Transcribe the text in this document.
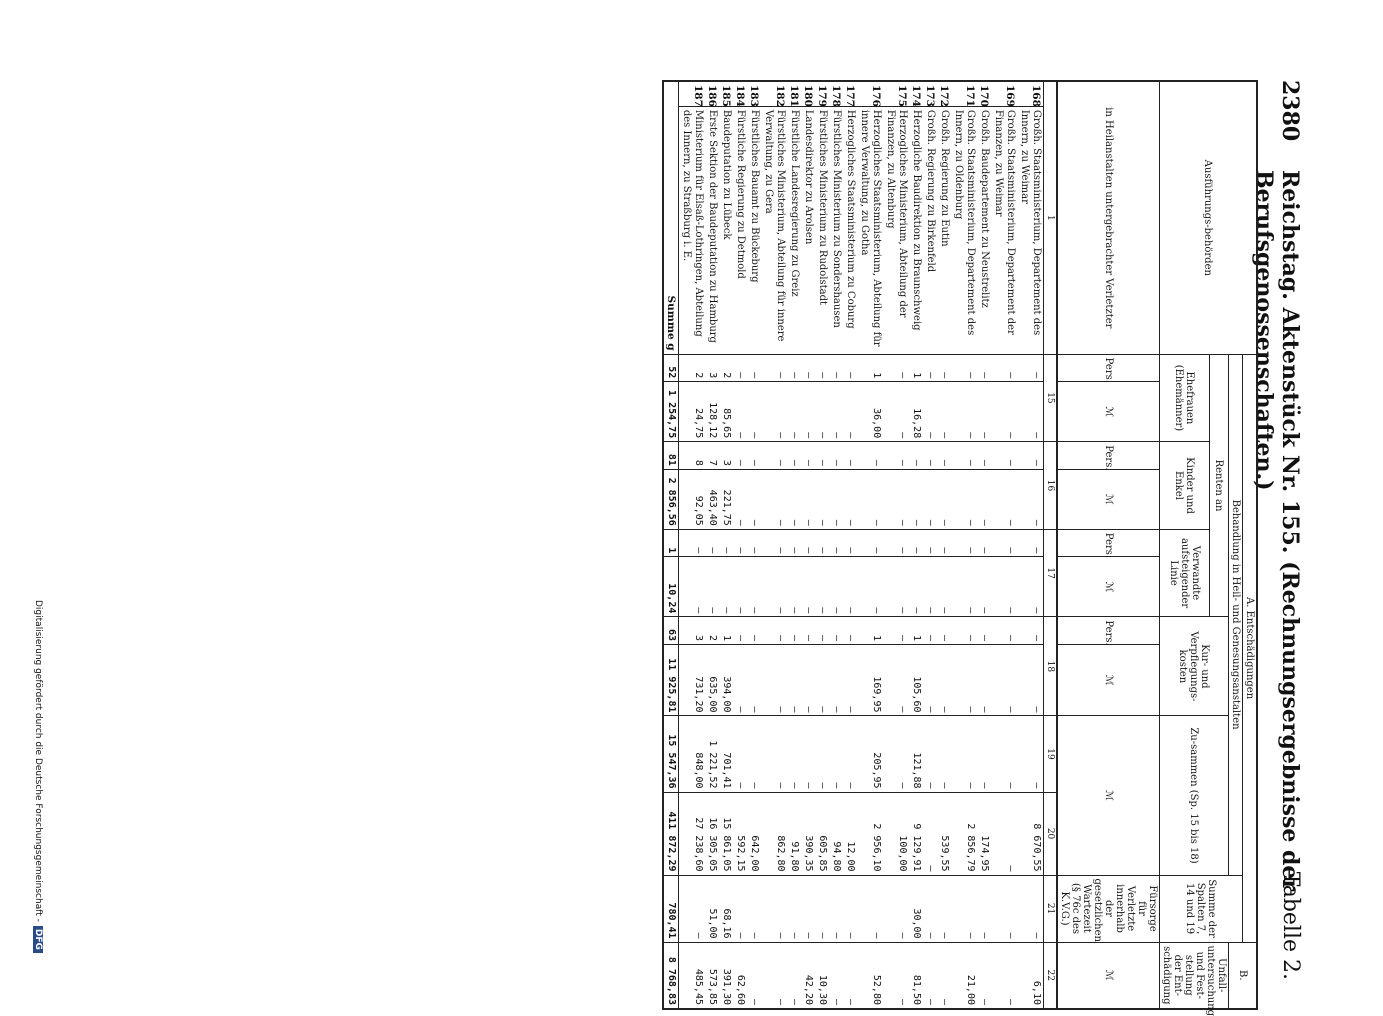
2380
Reichstag. Aktenstück Nr. 155. (Rechnungsergebnisse der Berufsgenossenschaften.)
Tabelle 2.
Ausführungs-behörden		A. Entschädigungen											B.
		Behandlung in Heil- und Genesungsanstalten										Summe der Spalten 7, 14 und 19	
		Renten an						Kur- und Verpflegungs-kosten		Zu-sammen (Sp. 15 bis 18)			Unfall-untersuchung und Fest-stellung der Ent-schädigung
		Ehefrauen (Ehemänner)		Kinder und Enkel		Verwandte aufsteigender Linie							
in Heilanstalten untergebrachter Verletzter		Pers.	ℳ	Pers.	ℳ	Pers.	ℳ	Pers.	ℳ	ℳ		Fürsorge für Verletzte innerhalb der gesetzlichen Wartezeit (§ 76c des K.V.G.)	ℳ
1		15		16		17		18		19	20	21	22
168	Großh. Staatsministerium, Departement des Innern, zu Weimar	—	—	—	—	—	—	—	—	—	8 670,55	—	6,10
169	Großh. Staatsministerium, Departement der Finanzen, zu Weimar	—	—	—	—	—	—	—	—	—	—	—	—
170	Großh. Baudepartement zu Neustrelitz	—	—	—	—	—	—	—	—	—	174,95	—	—
171	Großh. Staatsministerium, Departement des Innern, zu Oldenburg	—	—	—	—	—	—	—	—	—	2 856,79	—	21,00
172	Großh. Regierung zu Eutin	—	—	—	—	—	—	—	—	—	539,55	—	—
173	Großh. Regierung zu Birkenfeld	—	—	—	—	—	—	—	—	—	—	—	—
174	Herzogliche Baudirektion zu Braunschweig	1	16,28	—	—	—	—	1	105,60	121,88	9 129,91	30,00	81,50
175	Herzogliches Ministerium, Abteilung der Finanzen, zu Altenburg	—	—	—	—	—	—	—	—	—	100,00	—	—
176	Herzogliches Staatsministerium, Abteilung für innere Verwaltung, zu Gotha	1	36,00	—	—	—	—	1	169,95	205,95	2 956,10	—	52,80
177	Herzogliches Staatsministerium zu Coburg	—	—	—	—	—	—	—	—	—	12,00	—	—
178	Fürstliches Ministerium zu Sondershausen	—	—	—	—	—	—	—	—	—	94,80	—	—
179	Fürstliches Ministerium zu Rudolstadt	—	—	—	—	—	—	—	—	—	605,85	—	10,30
180	Landesdirektor zu Arolsen	—	—	—	—	—	—	—	—	—	390,35	—	42,20
181	Fürstliche Landesregierung zu Greiz	—	—	—	—	—	—	—	—	—	91,80	—	—
182	Fürstliches Ministerium, Abteilung für innere Verwaltung, zu Gera	—	—	—	—	—	—	—	—	—	862,80	—	—
183	Fürstliches Bauamt zu Bückeburg	—	—	—	—	—	—	—	—	—	642,00	—	—
184	Fürstliche Regierung zu Detmold	—	—	—	—	—	—	—	—	—	592,15	—	62,60
185	Baudeputation zu Lübeck	2	85,65	3	221,75	—	—	1	394,00	701,41	15 861,05	68,16	391,30
186	Erste Sektion der Baudeputation zu Hamburg	3	128,12	7	463,40	—	—	2	635,00	1 221,52	16 305,05	51,00	573,85
187	Ministerium für Elsaß-Lothringen, Abteilung des Innern, zu Straßburg i. E.	2	24,75	8	92,05	—	—	3	731,20	848,00	27 238,60	—	485,45
Summe g		52	1 254,75	81	2 856,56	1	10,24	63	11 925,81	15 547,36	411 872,29	780,41	8 768,83
Digitalisierung gefördert durch die Deutsche Forschungsgemeinschaft -DFG
